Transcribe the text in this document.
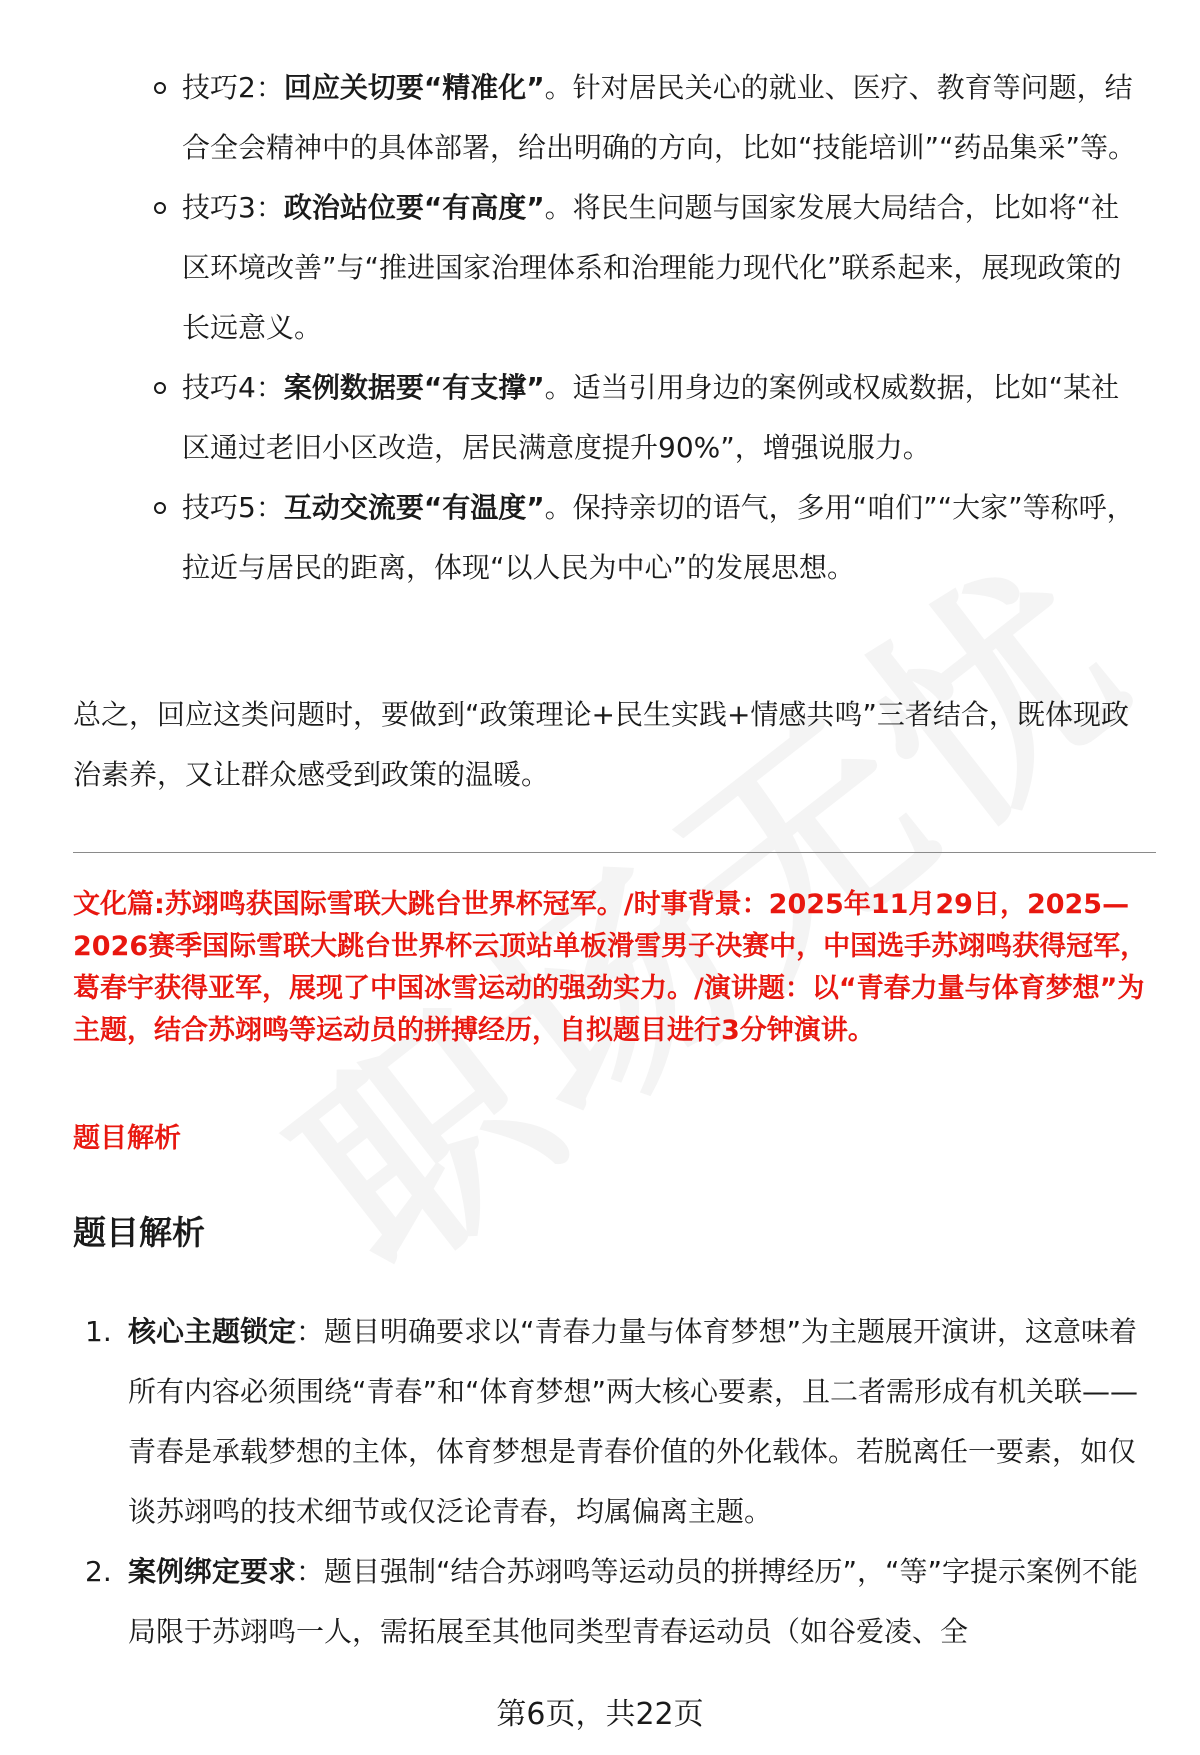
技巧2：回应关切要“精准化”。针对居民关心的就业、医疗、教育等问题，结合全会精神中的具体部署，给出明确的方向，比如“技能培训”“药品集采”等。
技巧3：政治站位要“有高度”。将民生问题与国家发展大局结合，比如将“社区环境改善”与“推进国家治理体系和治理能力现代化”联系起来，展现政策的长远意义。
技巧4：案例数据要“有支撑”。适当引用身边的案例或权威数据，比如“某社区通过老旧小区改造，居民满意度提升90%”，增强说服力。
技巧5：互动交流要“有温度”。保持亲切的语气，多用“咱们”“大家”等称呼，拉近与居民的距离，体现“以人民为中心”的发展思想。
总之，回应这类问题时，要做到“政策理论+民生实践+情感共鸣”三者结合，既体现政治素养，又让群众感受到政策的温暖。
文化篇:苏翊鸣获国际雪联大跳台世界杯冠军。/时事背景：2025年11月29日，2025—2026赛季国际雪联大跳台世界杯云顶站单板滑雪男子决赛中，中国选手苏翊鸣获得冠军，葛春宇获得亚军，展现了中国冰雪运动的强劲实力。/演讲题：以“青春力量与体育梦想”为主题，结合苏翊鸣等运动员的拼搏经历，自拟题目进行3分钟演讲。
题目解析
题目解析
1. 核心主题锁定：题目明确要求以“青春力量与体育梦想”为主题展开演讲，这意味着所有内容必须围绕“青春”和“体育梦想”两大核心要素，且二者需形成有机关联——青春是承载梦想的主体，体育梦想是青春价值的外化载体。若脱离任一要素，如仅谈苏翊鸣的技术细节或仅泛论青春，均属偏离主题。
2. 案例绑定要求：题目强制“结合苏翊鸣等运动员的拼搏经历”，“等”字提示案例不能局限于苏翊鸣一人，需拓展至其他同类型青春运动员（如谷爱凌、全
第6页，共22页
